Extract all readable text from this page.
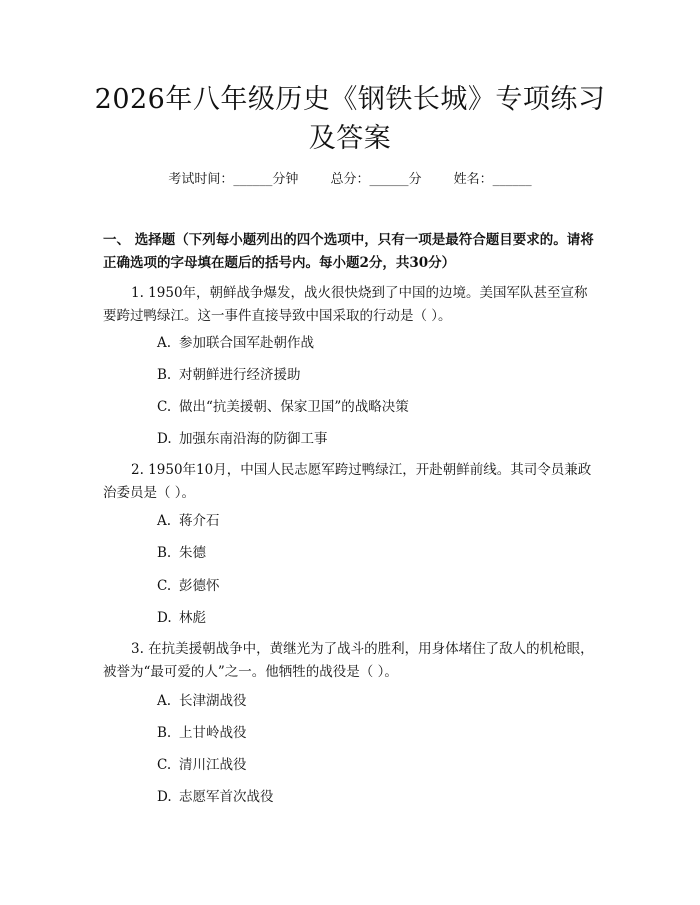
2026年八年级历史《钢铁长城》专项练习及答案
考试时间：______分钟 总分：______分 姓名：______
一、 选择题（下列每小题列出的四个选项中，只有一项是最符合题目要求的。请将正确选项的字母填在题后的括号内。每小题2分，共30分）
1. 1950年，朝鲜战争爆发，战火很快烧到了中国的边境。美国军队甚至宣称要跨过鸭绿江。这一事件直接导致中国采取的行动是（ ）。
A. 参加联合国军赴朝作战
B. 对朝鲜进行经济援助
C. 做出“抗美援朝、保家卫国”的战略决策
D. 加强东南沿海的防御工事
2. 1950年10月，中国人民志愿军跨过鸭绿江，开赴朝鲜前线。其司令员兼政治委员是（ ）。
A. 蒋介石
B. 朱德
C. 彭德怀
D. 林彪
3. 在抗美援朝战争中，黄继光为了战斗的胜利，用身体堵住了敌人的机枪眼，被誉为“最可爱的人”之一。他牺牲的战役是（ ）。
A. 长津湖战役
B. 上甘岭战役
C. 清川江战役
D. 志愿军首次战役
